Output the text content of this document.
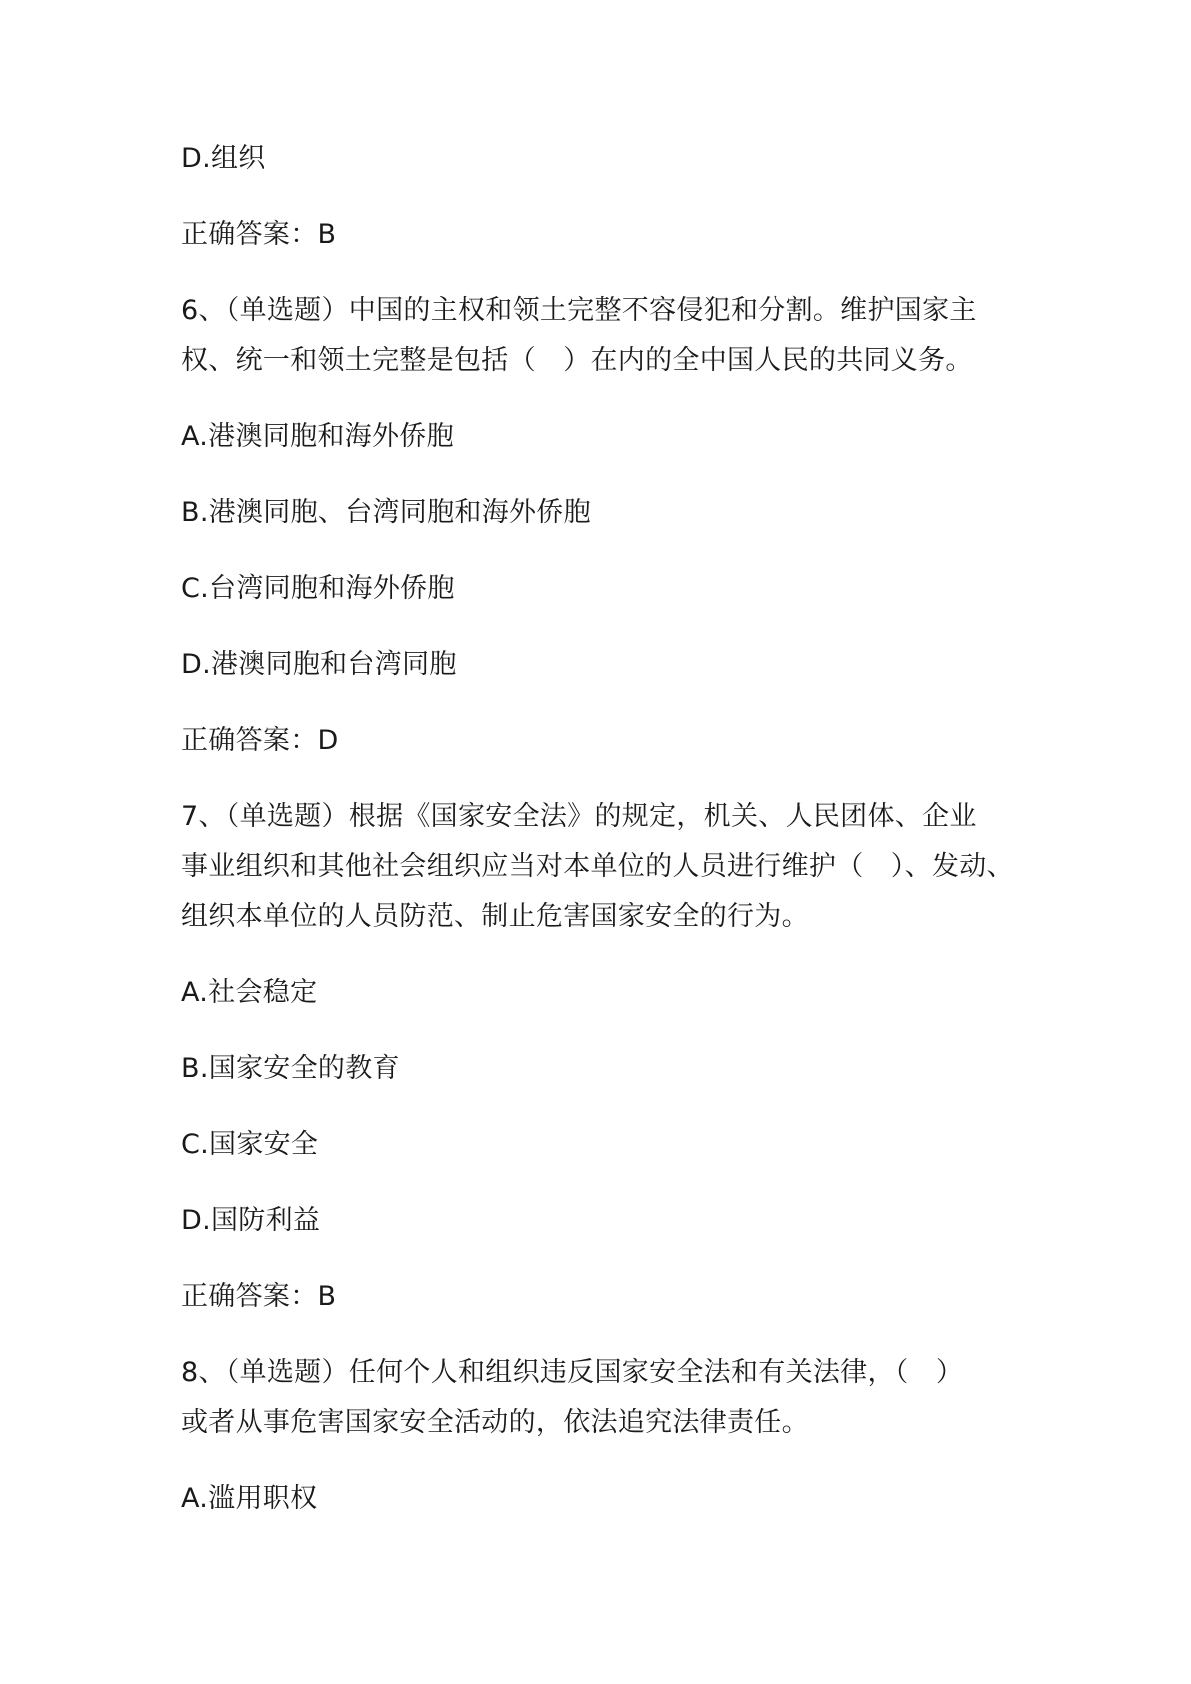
D.组织
正确答案：B
6、（单选题）中国的主权和领土完整不容侵犯和分割。维护国家主
权、统一和领土完整是包括（　）在内的全中国人民的共同义务。
A.港澳同胞和海外侨胞
B.港澳同胞、台湾同胞和海外侨胞
C.台湾同胞和海外侨胞
D.港澳同胞和台湾同胞
正确答案：D
7、（单选题）根据《国家安全法》的规定，机关、人民团体、企业
事业组织和其他社会组织应当对本单位的人员进行维护（　）、发动、
组织本单位的人员防范、制止危害国家安全的行为。
A.社会稳定
B.国家安全的教育
C.国家安全
D.国防利益
正确答案：B
8、（单选题）任何个人和组织违反国家安全法和有关法律，（　）
或者从事危害国家安全活动的，依法追究法律责任。
A.滥用职权
